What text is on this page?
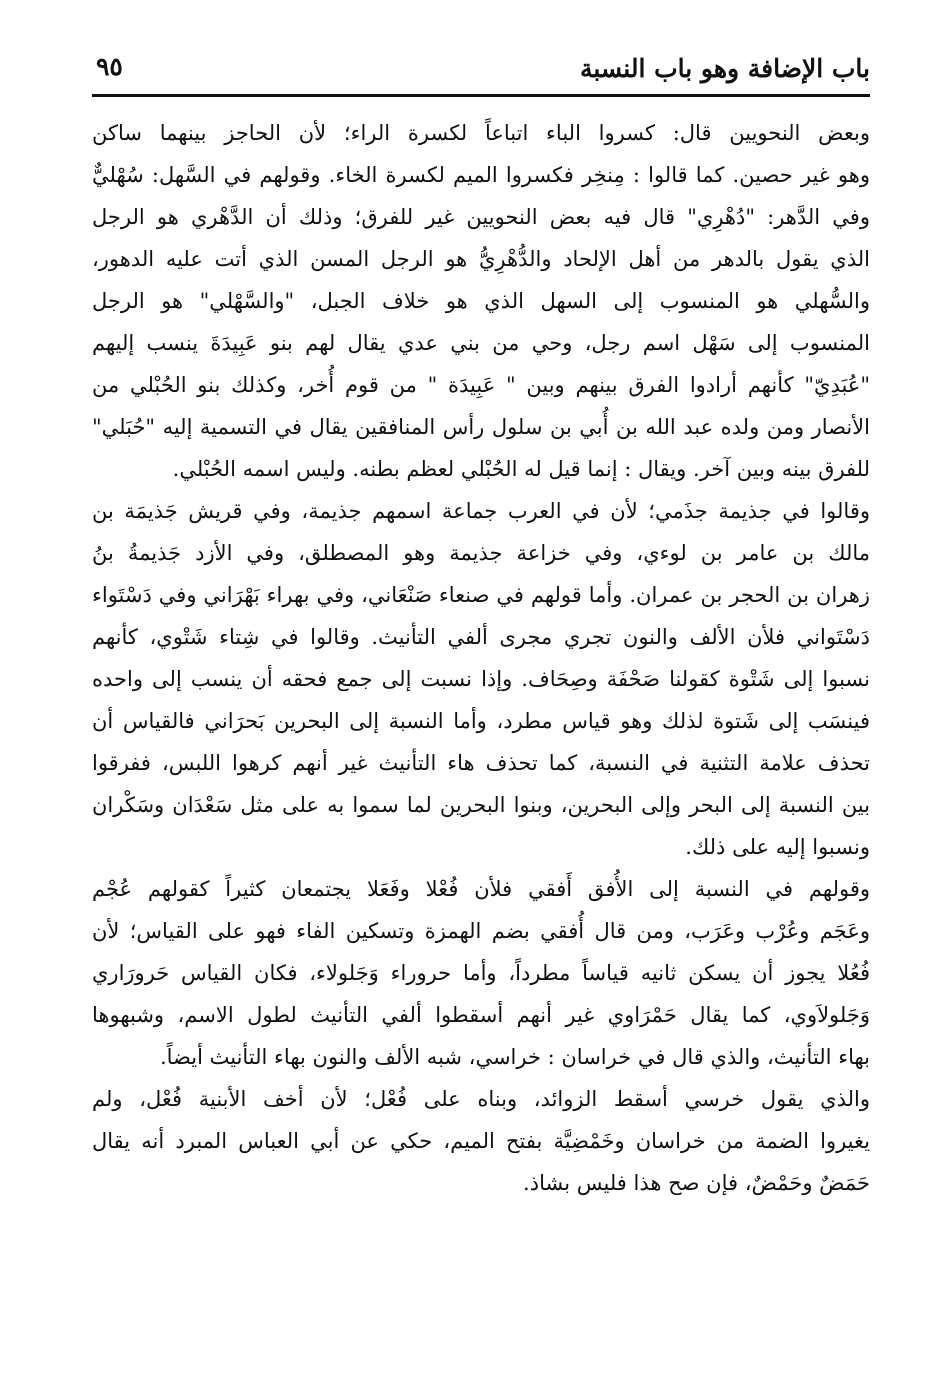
باب الإضافة وهو باب النسبة
٩٥
وبعض النحويين قال: كسروا الباء اتباعاً لكسرة الراء؛ لأن الحاجز بينهما ساكن
وهو غير حصين. كما قالوا : مِنخِر فكسروا الميم لكسرة الخاء. وقولهم في السَّهل: سُهْليٌّ
وفي الدَّهر: "دُهْرِي" قال فيه بعض النحويين غير للفرق؛ وذلك أن الدَّهْري هو الرجل
الذي يقول بالدهر من أهل الإلحاد والدُّهْرِيُّ هو الرجل المسن الذي أتت عليه الدهور،
والسُّهلي هو المنسوب إلى السهل الذي هو خلاف الجبل، "والسَّهْلي" هو الرجل
المنسوب إلى سَهْل اسم رجل، وحي من بني عدي يقال لهم بنو عَبِيدَةَ ينسب إليهم
"عُبَدِيّ" كأنهم أرادوا الفرق بينهم وبين " عَبِيدَة " من قوم أُخر، وكذلك بنو الحُبْلي من
الأنصار ومن ولده عبد الله بن أُبي بن سلول رأس المنافقين يقال في التسمية إليه "حُبَلي"
للفرق بينه وبين آخر. ويقال : إنما قيل له الحُبْلي لعظم بطنه. وليس اسمه الحُبْلي.
وقالوا في جذيمة جذَمي؛ لأن في العرب جماعة اسمهم جذيمة، وفي قريش جَذيمَة بن
مالك بن عامر بن لوءي، وفي خزاعة جذيمة وهو المصطلق، وفي الأزد جَذيمةُ بنُ
زهران بن الحجر بن عمران. وأما قولهم في صنعاء صَنْعَاني، وفي بهراء بَهْرَاني وفي دَسْتَواء
دَسْتَواني فلأن الألف والنون تجري مجرى ألفي التأنيث. وقالوا في شِتاء شَتْوي، كأنهم
نسبوا إلى شَتْوة كقولنا صَحْفَة وصِحَاف. وإذا نسبت إلى جمع فحقه أن ينسب إلى واحده
فينسَب إلى شَتوة لذلك وهو قياس مطرد، وأما النسبة إلى البحرين بَحرَاني فالقياس أن
تحذف علامة التثنية في النسبة، كما تحذف هاء التأنيث غير أنهم كرهوا اللبس، ففرقوا
بين النسبة إلى البحر وإلى البحرين، وبنوا البحرين لما سموا به على مثل سَعْدَان وسَكْران
ونسبوا إليه على ذلك.
وقولهم في النسبة إلى الأُفق أَفقي فلأن فُعْلا وفَعَلا يجتمعان كثيراً كقولهم عُجْم
وعَجَم وعُرْب وعَرَب، ومن قال أُفقي بضم الهمزة وتسكين الفاء فهو على القياس؛ لأن
فُعُلا يجوز أن يسكن ثانيه قياساً مطرداً، وأما حروراء وَجَلولاء، فكان القياس حَرورَاري
وَجَلولاَوي، كما يقال حَمْرَاوي غير أنهم أسقطوا ألفي التأنيث لطول الاسم، وشبهوها
بهاء التأنيث، والذي قال في خراسان : خراسي، شبه الألف والنون بهاء التأنيث أيضاً.
والذي يقول خرسي أسقط الزوائد، وبناه على فُعْل؛ لأن أخف الأبنية فُعْل، ولم
يغيروا الضمة من خراسان وخَمْضِيَّة بفتح الميم، حكي عن أبي العباس المبرد أنه يقال
حَمَضٌ وحَمْضٌ، فإن صح هذا فليس بشاذ.
